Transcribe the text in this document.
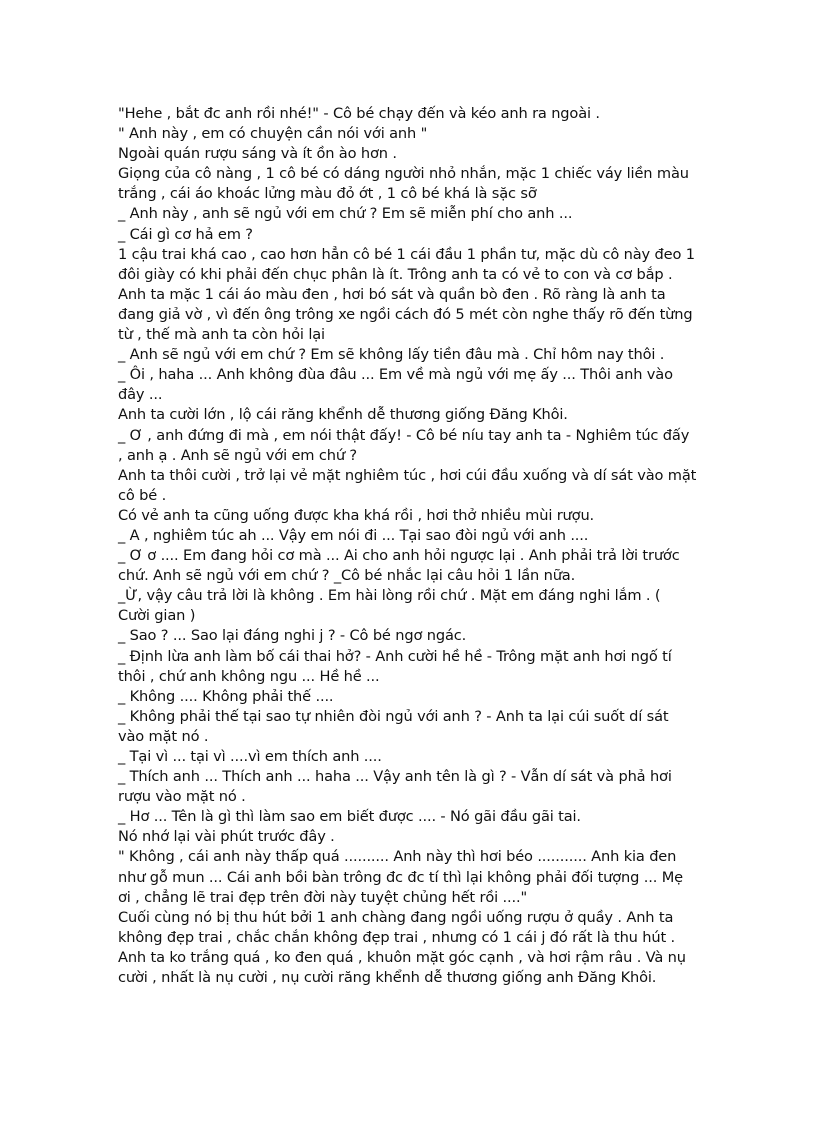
"Hehe , bắt đc anh rồi nhé!" - Cô bé chạy đến và kéo anh ra ngoài .
" Anh này , em có chuyện cần nói với anh "
Ngoài quán rượu sáng và ít ồn ào hơn .
Giọng của cô nàng , 1 cô bé có dáng người nhỏ nhắn, mặc 1 chiếc váy liền màu
trắng , cái áo khoác lửng màu đỏ ớt , 1 cô bé khá là sặc sỡ
_ Anh này , anh sẽ ngủ với em chứ ? Em sẽ miễn phí cho anh ...
_ Cái gì cơ hả em ?
1 cậu trai khá cao , cao hơn hẳn cô bé 1 cái đầu 1 phần tư, mặc dù cô này đeo 1
đôi giày có khi phải đến chục phân là ít. Trông anh ta có vẻ to con và cơ bắp .
Anh ta mặc 1 cái áo màu đen , hơi bó sát và quần bò đen . Rõ ràng là anh ta
đang giả vờ , vì đến ông trông xe ngồi cách đó 5 mét còn nghe thấy rõ đến từng
từ , thế mà anh ta còn hỏi lại
_ Anh sẽ ngủ với em chứ ? Em sẽ không lấy tiền đâu mà . Chỉ hôm nay thôi .
_ Ôi , haha ... Anh không đùa đâu ... Em về mà ngủ với mẹ ấy ... Thôi anh vào
đây ...
Anh ta cười lớn , lộ cái răng khểnh dễ thương giống Đăng Khôi.
_ Ơ , anh đứng đi mà , em nói thật đấy! - Cô bé níu tay anh ta - Nghiêm túc đấy
, anh ạ . Anh sẽ ngủ với em chứ ?
Anh ta thôi cười , trở lại vẻ mặt nghiêm túc , hơi cúi đầu xuống và dí sát vào mặt
cô bé .
Có vẻ anh ta cũng uống được kha khá rồi , hơi thở nhiều mùi rượu.
_ A , nghiêm túc ah ... Vậy em nói đi ... Tại sao đòi ngủ với anh ....
_ Ơ ơ .... Em đang hỏi cơ mà ... Ai cho anh hỏi ngược lại . Anh phải trả lời trước
chứ. Anh sẽ ngủ với em chứ ? _Cô bé nhắc lại câu hỏi 1 lần nữa.
_Ừ, vậy câu trả lời là không . Em hài lòng rồi chứ . Mặt em đáng nghi lắm . (
Cười gian )
_ Sao ? ... Sao lại đáng nghi j ? - Cô bé ngơ ngác.
_ Định lừa anh làm bố cái thai hở? - Anh cười hề hề - Trông mặt anh hơi ngố tí
thôi , chứ anh không ngu ... Hề hề ...
_ Không .... Không phải thế ....
_ Không phải thế tại sao tự nhiên đòi ngủ với anh ? - Anh ta lại cúi suốt dí sát
vào mặt nó .
_ Tại vì ... tại vì ....vì em thích anh ....
_ Thích anh ... Thích anh ... haha ... Vậy anh tên là gì ? - Vẫn dí sát và phả hơi
rượu vào mặt nó .
_ Hơ ... Tên là gì thì làm sao em biết được .... - Nó gãi đầu gãi tai.
Nó nhớ lại vài phút trước đây .
" Không , cái anh này thấp quá .......... Anh này thì hơi béo ........... Anh kia đen
như gỗ mun ... Cái anh bồi bàn trông đc đc tí thì lại không phải đối tượng ... Mẹ
ơi , chẳng lẽ trai đẹp trên đời này tuyệt chủng hết rồi ...."
Cuối cùng nó bị thu hút bởi 1 anh chàng đang ngồi uống rượu ở quầy . Anh ta
không đẹp trai , chắc chắn không đẹp trai , nhưng có 1 cái j đó rất là thu hút .
Anh ta ko trắng quá , ko đen quá , khuôn mặt góc cạnh , và hơi rậm râu . Và nụ
cười , nhất là nụ cười , nụ cười răng khểnh dễ thương giống anh Đăng Khôi.
